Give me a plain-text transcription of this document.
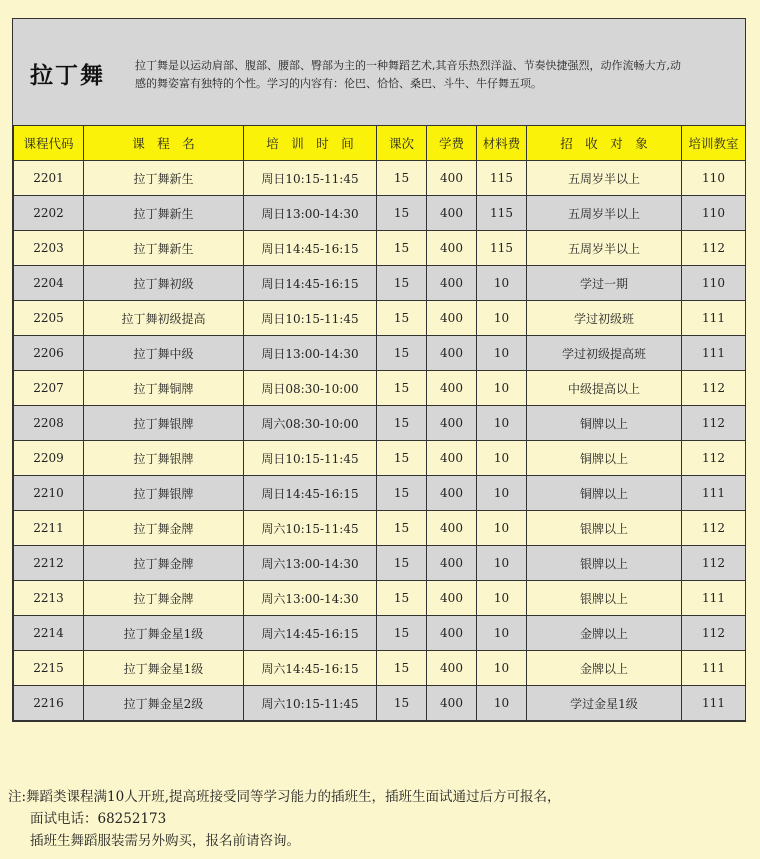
拉丁舞	拉丁舞是以运动肩部、腹部、腰部、臀部为主的一种舞蹈艺术,其音乐热烈洋溢、节奏快捷强烈，动作流畅大方,动
感的舞姿富有独特的个性。学习的内容有：伦巴、恰恰、桑巴、斗牛、牛仔舞五项。
课程代码	课　程　名	培　训　时　间	课次	学费	材料费	招　收　对　象	培训教室
2201	拉丁舞新生	周日10:15-11:45	15	400	115	五周岁半以上	110
2202	拉丁舞新生	周日13:00-14:30	15	400	115	五周岁半以上	110
2203	拉丁舞新生	周日14:45-16:15	15	400	115	五周岁半以上	112
2204	拉丁舞初级	周日14:45-16:15	15	400	10	学过一期	110
2205	拉丁舞初级提高	周日10:15-11:45	15	400	10	学过初级班	111
2206	拉丁舞中级	周日13:00-14:30	15	400	10	学过初级提高班	111
2207	拉丁舞铜牌	周日08:30-10:00	15	400	10	中级提高以上	112
2208	拉丁舞银牌	周六08:30-10:00	15	400	10	铜牌以上	112
2209	拉丁舞银牌	周日10:15-11:45	15	400	10	铜牌以上	112
2210	拉丁舞银牌	周日14:45-16:15	15	400	10	铜牌以上	111
2211	拉丁舞金牌	周六10:15-11:45	15	400	10	银牌以上	112
2212	拉丁舞金牌	周六13:00-14:30	15	400	10	银牌以上	112
2213	拉丁舞金牌	周六13:00-14:30	15	400	10	银牌以上	111
2214	拉丁舞金星1级	周六14:45-16:15	15	400	10	金牌以上	112
2215	拉丁舞金星1级	周六14:45-16:15	15	400	10	金牌以上	111
2216	拉丁舞金星2级	周六10:15-11:45	15	400	10	学过金星1级	111
注:舞蹈类课程满10人开班,提高班接受同等学习能力的插班生，插班生面试通过后方可报名，
面试电话：68252173
插班生舞蹈服装需另外购买，报名前请咨询。
